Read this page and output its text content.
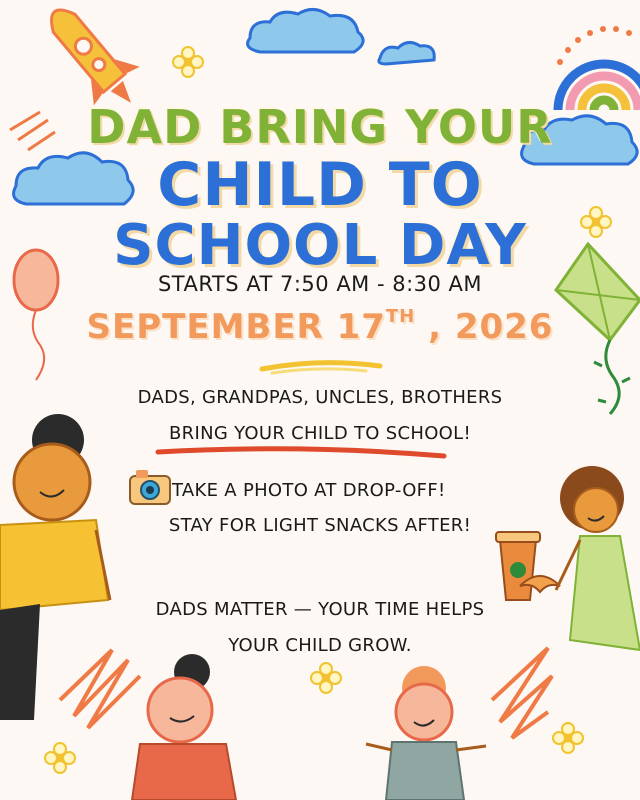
DAD BRING YOUR

CHILD TO

SCHOOL DAY

STARTS AT 7:50 AM - 8:30 AM

SEPTEMBER 17TH , 2026

DADS, GRANDPAS, UNCLES, BROTHERS

BRING YOUR CHILD TO SCHOOL!

TAKE A PHOTO AT DROP-OFF!

STAY FOR LIGHT SNACKS AFTER!

DADS MATTER — YOUR TIME HELPS

YOUR CHILD GROW.
